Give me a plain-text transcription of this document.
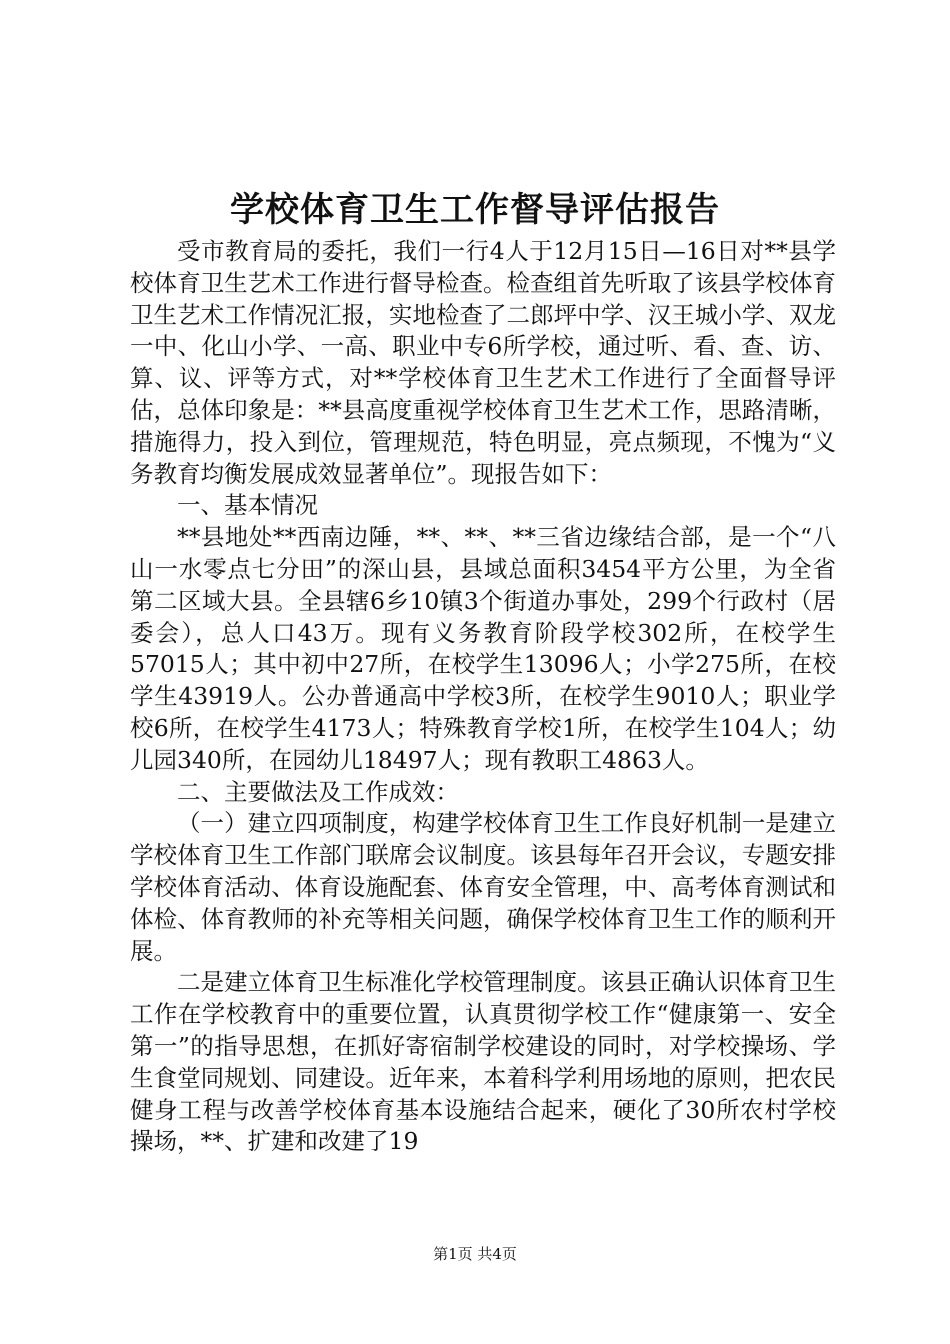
学校体育卫生工作督导评估报告

受市教育局的委托，我们一行4人于12月15日—16日对**县学校体育卫生艺术工作进行督导检查。检查组首先听取了该县学校体育卫生艺术工作情况汇报，实地检查了二郎坪中学、汉王城小学、双龙一中、化山小学、一高、职业中专6所学校，通过听、看、查、访、算、议、评等方式，对**学校体育卫生艺术工作进行了全面督导评估，总体印象是：**县高度重视学校体育卫生艺术工作，思路清晰，措施得力，投入到位，管理规范，特色明显，亮点频现，不愧为“义务教育均衡发展成效显著单位”。现报告如下：

一、基本情况

**县地处**西南边陲，**、**、**三省边缘结合部，是一个“八山一水零点七分田”的深山县，县域总面积3454平方公里，为全省第二区域大县。全县辖6乡10镇3个街道办事处，299个行政村（居委会），总人口43万。现有义务教育阶段学校302所，在校学生57015人；其中初中27所，在校学生13096人；小学275所，在校学生43919人。公办普通高中学校3所，在校学生9010人；职业学校6所，在校学生4173人；特殊教育学校1所，在校学生104人；幼儿园340所，在园幼儿18497人；现有教职工4863人。

二、主要做法及工作成效：

（一）建立四项制度，构建学校体育卫生工作良好机制一是建立学校体育卫生工作部门联席会议制度。该县每年召开会议，专题安排学校体育活动、体育设施配套、体育安全管理，中、高考体育测试和体检、体育教师的补充等相关问题，确保学校体育卫生工作的顺利开展。

二是建立体育卫生标准化学校管理制度。该县正确认识体育卫生工作在学校教育中的重要位置，认真贯彻学校工作“健康第一、安全第一”的指导思想，在抓好寄宿制学校建设的同时，对学校操场、学生食堂同规划、同建设。近年来，本着科学利用场地的原则，把农民健身工程与改善学校体育基本设施结合起来，硬化了30所农村学校操场，**、扩建和改建了19

第1页 共4页
